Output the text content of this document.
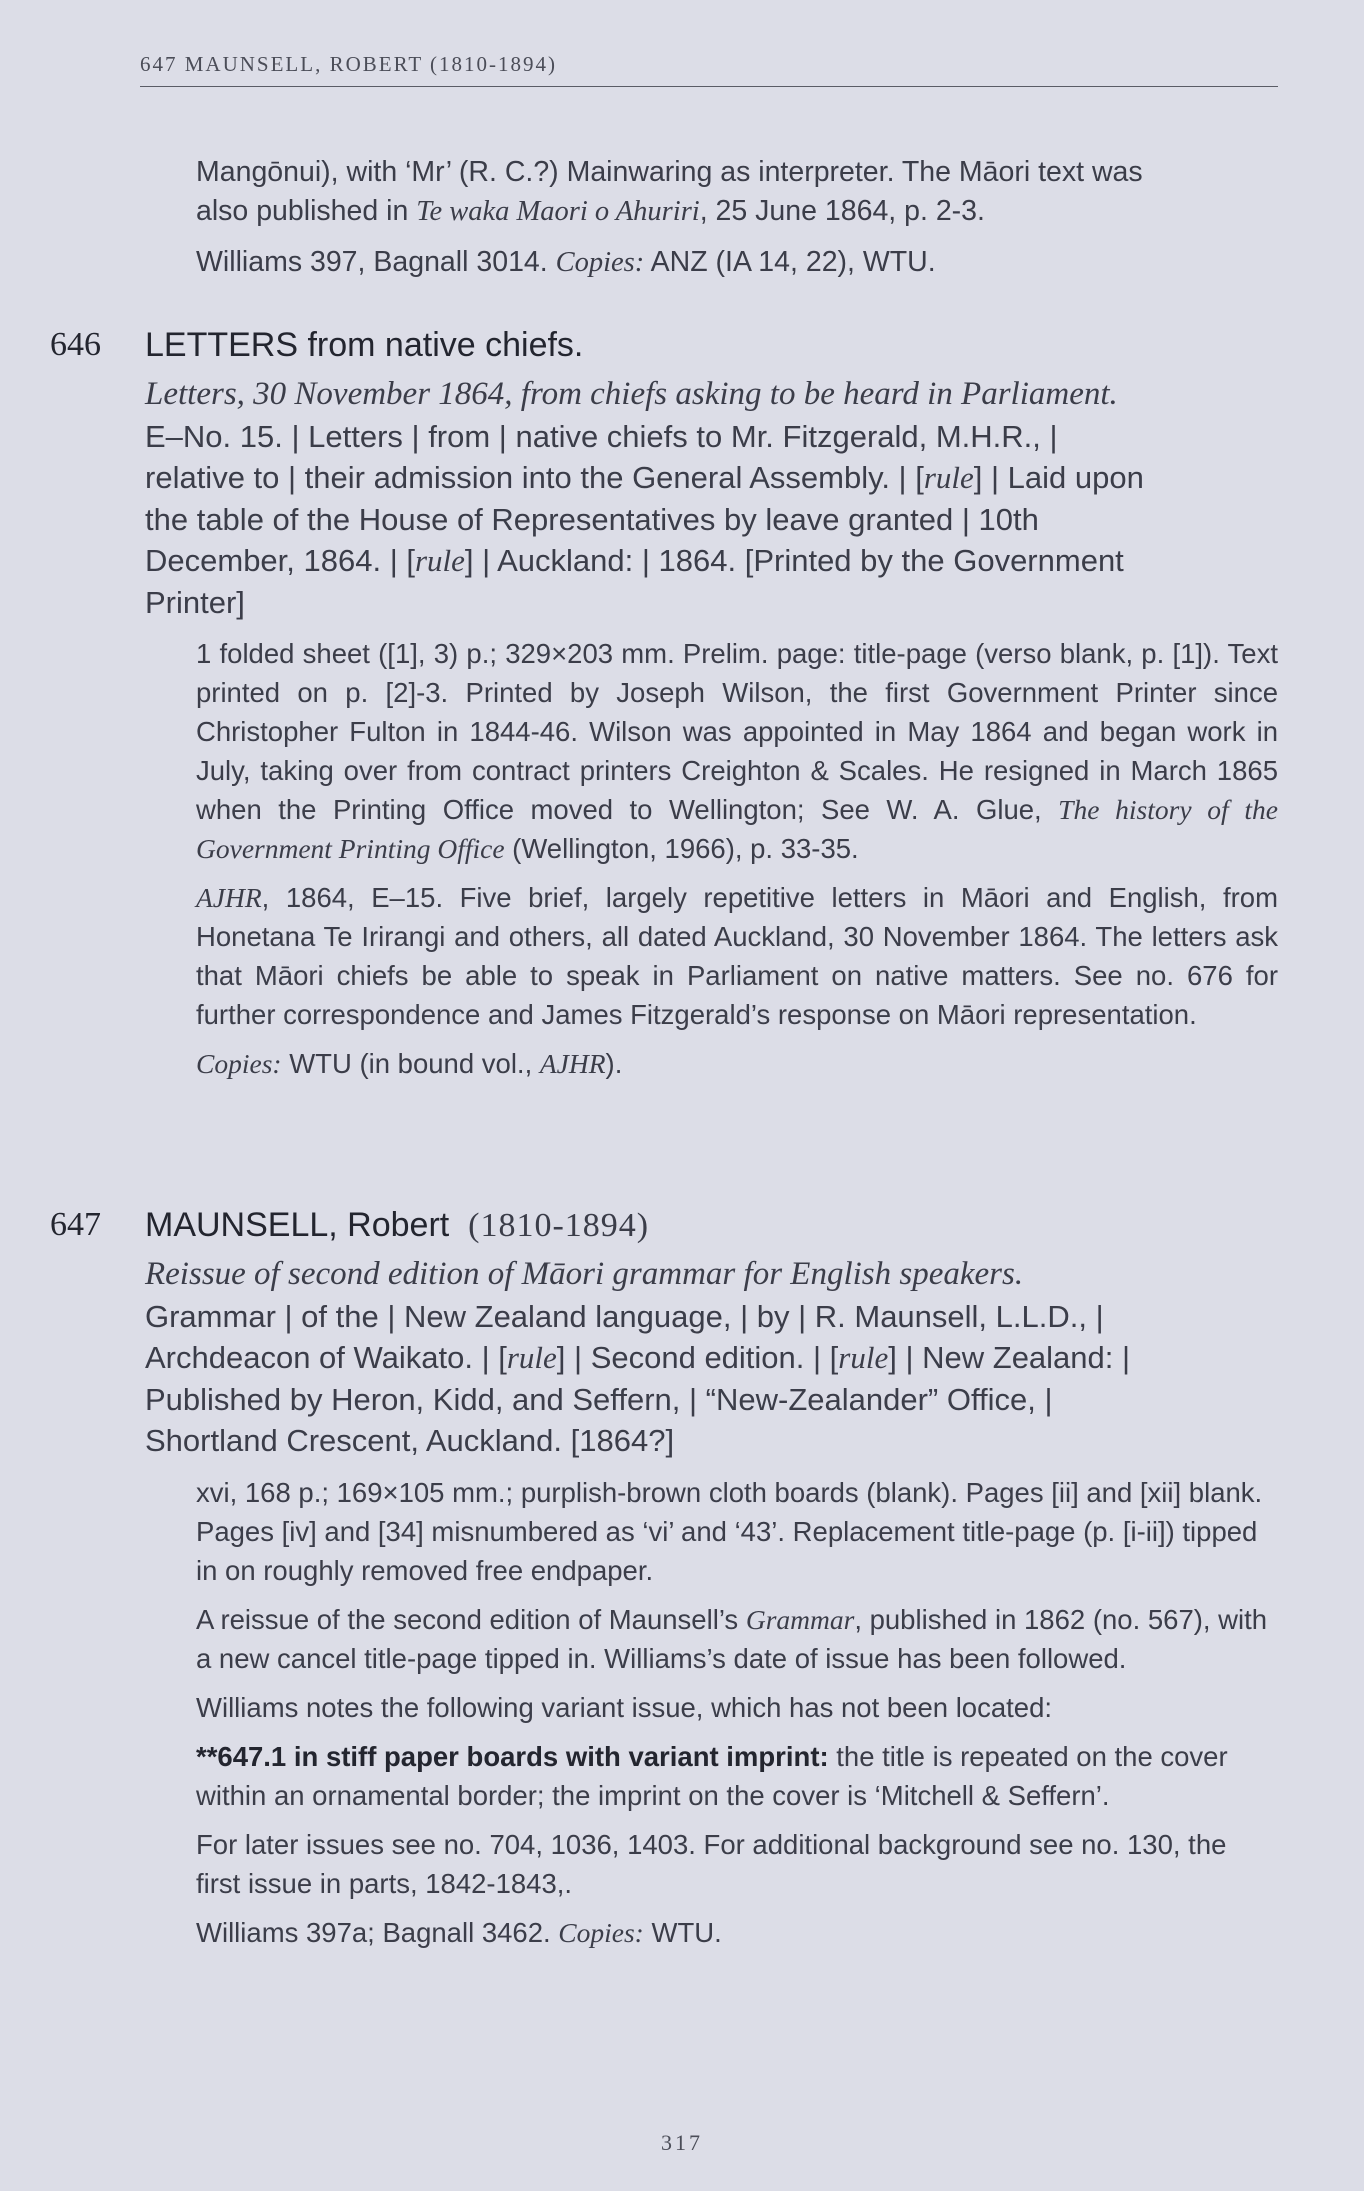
647 MAUNSELL, ROBERT (1810-1894)

Mangōnui), with ‘Mr’ (R. C.?) Mainwaring as interpreter. The Māori text was
also published in Te waka Maori o Ahuriri, 25 June 1864, p. 2-3.

Williams 397, Bagnall 3014. Copies: ANZ (IA 14, 22), WTU.

646 LETTERS from native chiefs.

Letters, 30 November 1864, from chiefs asking to be heard in Parliament.

E–No. 15. | Letters | from | native chiefs to Mr. Fitzgerald, M.H.R., |

relative to | their admission into the General Assembly. | [rule] | Laid upon

the table of the House of Representatives by leave granted | 10th

December, 1864. | [rule] | Auckland: | 1864. [Printed by the Government

Printer]

1 folded sheet ([1], 3) p.; 329×203 mm. Prelim. page: title-page (verso blank, p. [1]). Text printed on p. [2]-3. Printed by Joseph Wilson, the first Government Printer since Christopher Fulton in 1844-46. Wilson was appointed in May 1864 and began work in July, taking over from contract printers Creighton & Scales. He resigned in March 1865 when the Printing Office moved to Wellington; See W. A. Glue, The history of the Government Printing Office (Wellington, 1966), p. 33-35.

AJHR, 1864, E–15. Five brief, largely repetitive letters in Māori and English, from Honetana Te Irirangi and others, all dated Auckland, 30 November 1864. The letters ask that Māori chiefs be able to speak in Parliament on native matters. See no. 676 for further correspondence and James Fitzgerald’s response on Māori representation.

Copies: WTU (in bound vol., AJHR).

647 MAUNSELL, Robert (1810-1894)

Reissue of second edition of Māori grammar for English speakers.

Grammar | of the | New Zealand language, | by | R. Maunsell, L.L.D., |

Archdeacon of Waikato. | [rule] | Second edition. | [rule] | New Zealand: |

Published by Heron, Kidd, and Seffern, | “New-Zealander” Office, |

Shortland Crescent, Auckland. [1864?]

xvi, 168 p.; 169×105 mm.; purplish-brown cloth boards (blank). Pages [ii] and [xii] blank. Pages [iv] and [34] misnumbered as ‘vi’ and ‘43’. Replacement title-page (p. [i-ii]) tipped in on roughly removed free endpaper.

A reissue of the second edition of Maunsell’s Grammar, published in 1862 (no. 567), with a new cancel title-page tipped in. Williams’s date of issue has been followed.

Williams notes the following variant issue, which has not been located:

**647.1 in stiff paper boards with variant imprint: the title is repeated on the cover within an ornamental border; the imprint on the cover is ‘Mitchell & Seffern’.

For later issues see no. 704, 1036, 1403. For additional background see no. 130, the first issue in parts, 1842-1843,.

Williams 397a; Bagnall 3462. Copies: WTU.

317
